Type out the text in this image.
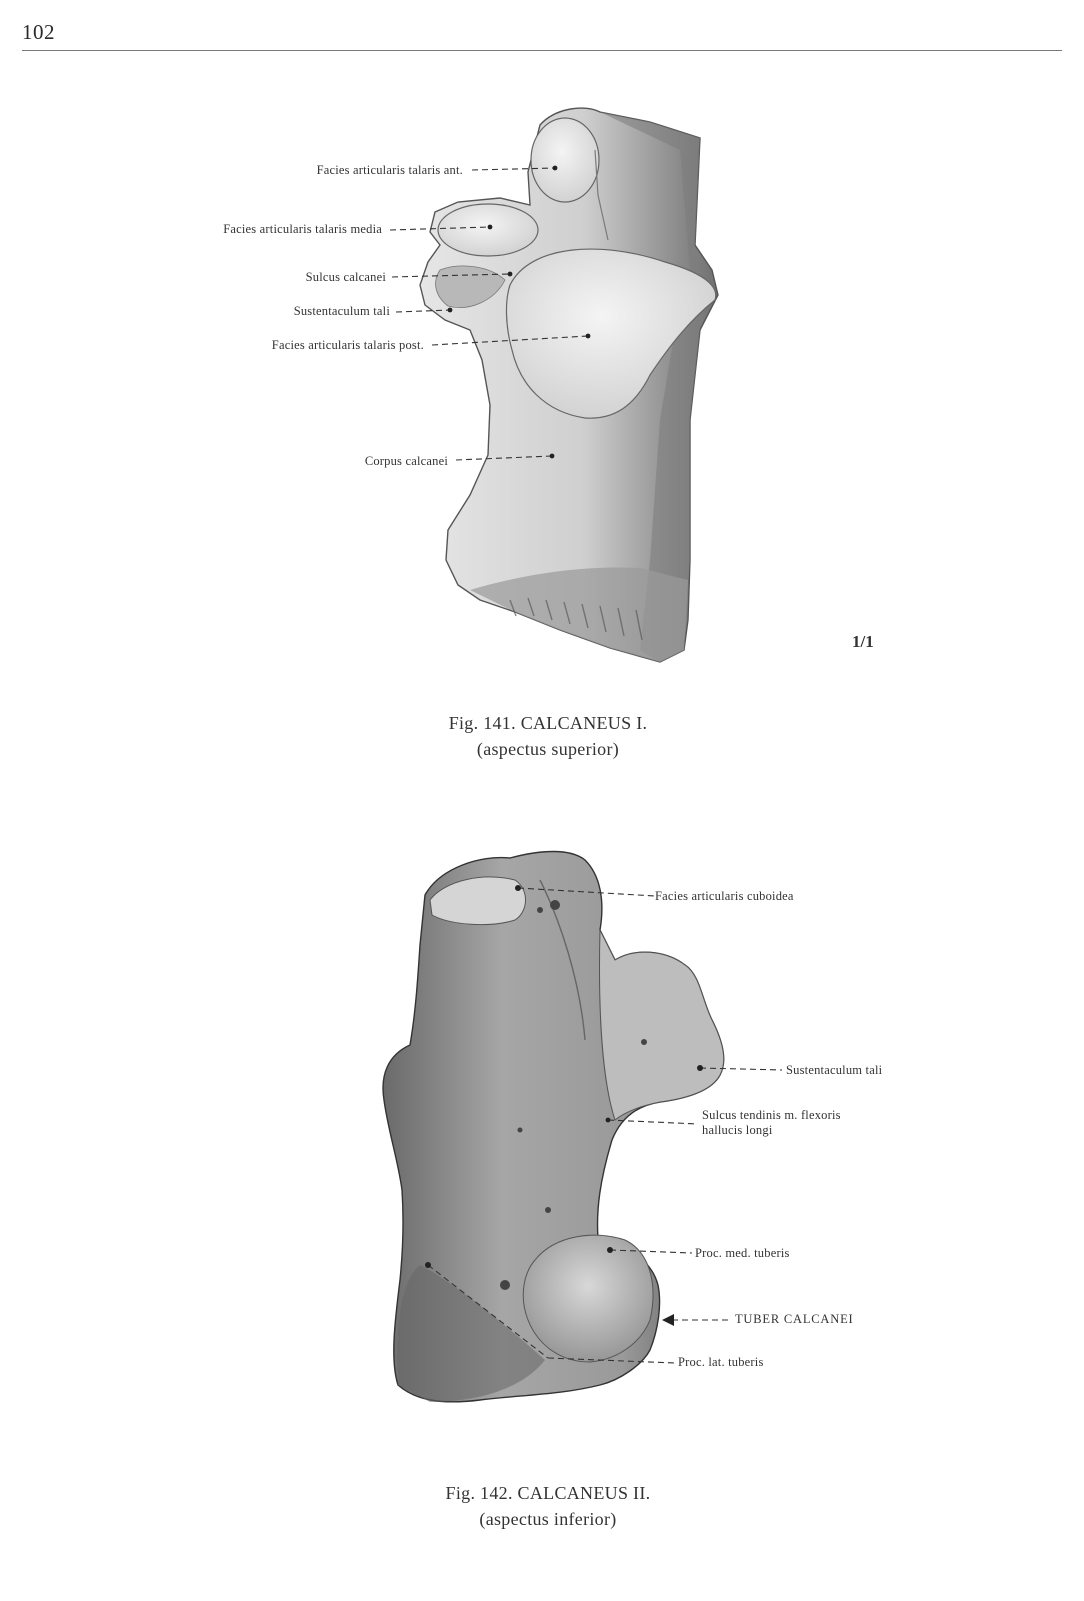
102
Facies articularis talaris ant.
Facies articularis talaris media
Sulcus calcanei
Sustentaculum tali
Facies articularis talaris post.
Corpus calcanei
1/1
Fig. 141. CALCANEUS I.
(aspectus superior)
Facies articularis cuboidea
Sustentaculum tali
Sulcus tendinis m. flexoris
hallucis longi
Proc. med. tuberis
TUBER CALCANEI
Proc. lat. tuberis
Fig. 142. CALCANEUS II.
(aspectus inferior)
